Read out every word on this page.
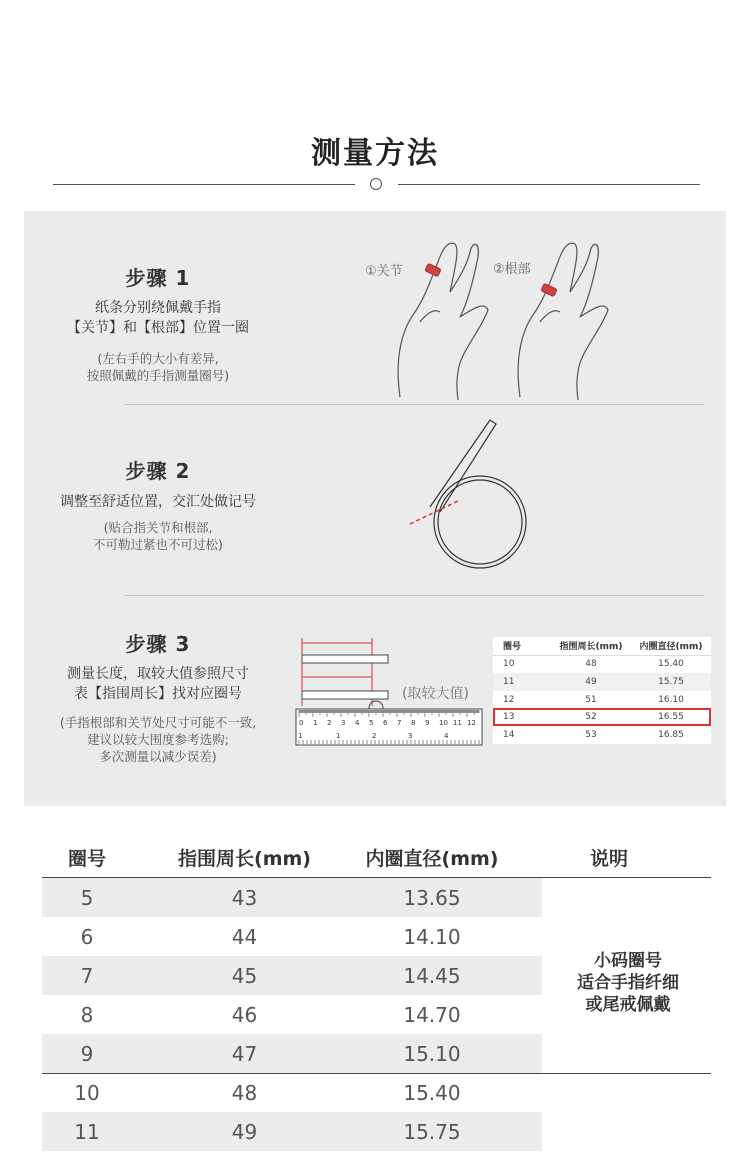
测量方法
步骤 1
纸条分别绕佩戴手指
【关节】和【根部】位置一圈
(左右手的大小有差异,
按照佩戴的手指测量圈号)
①关节	②根部
步骤 2
调整至舒适位置，交汇处做记号
(贴合指关节和根部,
不可勒过紧也不可过松)
步骤 3
测量长度，取较大值参照尺寸
表【指围周长】找对应圈号
(手指根部和关节处尺寸可能不一致,
建议以较大围度参考选购;
多次测量以减少误差)
(取较大值)
0 1 2 3 4 5 6 7 8 9 10 11 12
1	1	2	3	4
圈号	指围周长(mm)	内圈直径(mm)
10	48	15.40
11	49	15.75
12	51	16.10
13	52	16.55
14	53	16.85
圈号	指围周长(mm)	内圈直径(mm)	说明
5	43	13.65
6	44	14.10
7	45	14.45
8	46	14.70
9	47	15.10
10	48	15.40
11	49	15.75
小码圈号
适合手指纤细
或尾戒佩戴
